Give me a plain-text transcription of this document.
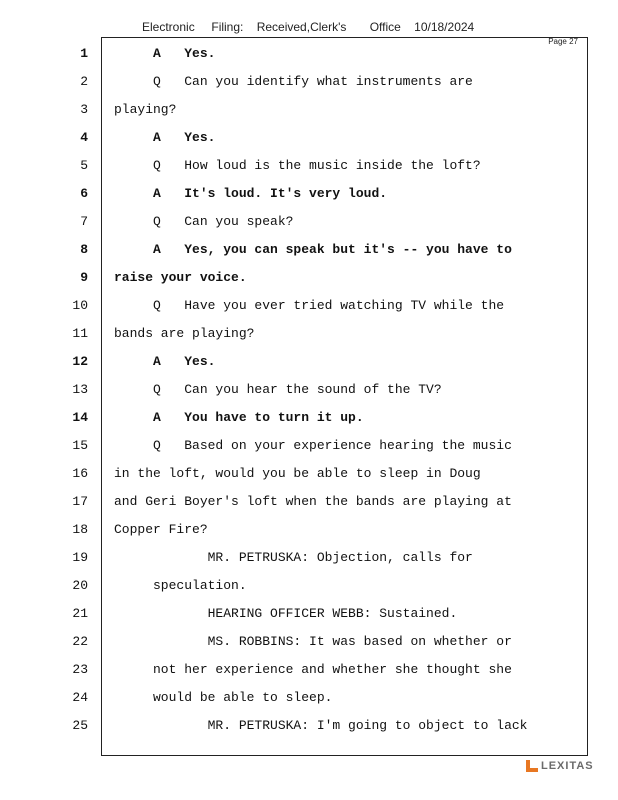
Electronic     Filing:    Received,Clerk's       Office    10/18/2024
Page 27
1 A   Yes.
2 Q   Can you identify what instruments are
3 playing?
4 A   Yes.
5 Q   How loud is the music inside the loft?
6 A   It's loud. It's very loud.
7 Q   Can you speak?
8 A   Yes, you can speak but it's -- you have to
9 raise your voice.
10 Q   Have you ever tried watching TV while the
11 bands are playing?
12 A   Yes.
13 Q   Can you hear the sound of the TV?
14 A   You have to turn it up.
15 Q   Based on your experience hearing the music
16 in the loft, would you be able to sleep in Doug
17 and Geri Boyer's loft when the bands are playing at
18 Copper Fire?
19 MR. PETRUSKA: Objection, calls for
20 speculation.
21 HEARING OFFICER WEBB: Sustained.
22 MS. ROBBINS: It was based on whether or
23 not her experience and whether she thought she
24 would be able to sleep.
25 MR. PETRUSKA: I'm going to object to lack
LEXITAS
